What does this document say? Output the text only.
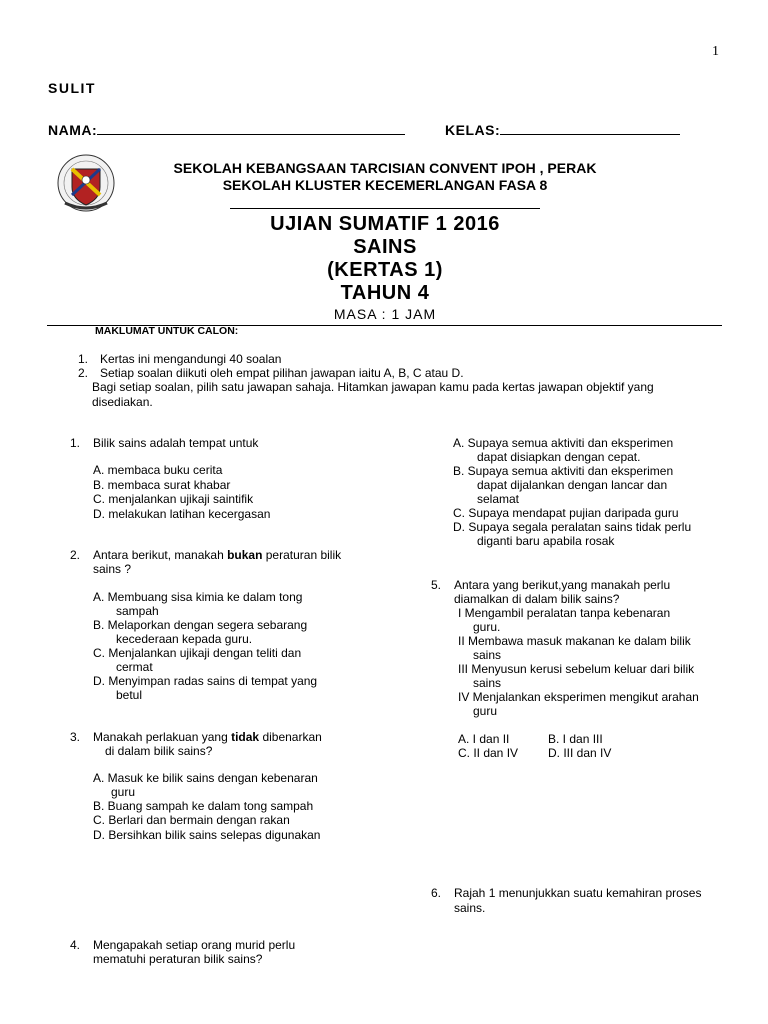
1
SULIT
NAMA:	KELAS:
SEKOLAH KEBANGSAAN TARCISIAN CONVENT IPOH , PERAK
SEKOLAH KLUSTER KECEMERLANGAN FASA 8
UJIAN SUMATIF 1 2016
SAINS
(KERTAS 1)
TAHUN 4
MASA : 1 JAM
MAKLUMAT UNTUK CALON:
1. Kertas ini mengandungi 40 soalan
2. Setiap soalan diikuti oleh empat pilihan jawapan iaitu A, B, C atau D.
Bagi setiap soalan, pilih satu jawapan sahaja. Hitamkan jawapan kamu pada kertas jawapan objektif yang
disediakan.
1. Bilik sains adalah tempat untuk
A. membaca buku cerita
B. membaca surat khabar
C. menjalankan ujikaji saintifik
D. melakukan latihan kecergasan
2. Antara berikut, manakah bukan peraturan bilik
sains ?
A. Membuang sisa kimia ke dalam tong
sampah
B. Melaporkan dengan segera sebarang
kecederaan kepada guru.
C. Menjalankan ujikaji dengan teliti dan
cermat
D. Menyimpan radas sains di tempat yang
betul
3. Manakah perlakuan yang tidak dibenarkan
di dalam bilik sains?
A. Masuk ke bilik sains dengan kebenaran
guru
B. Buang sampah ke dalam tong sampah
C. Berlari dan bermain dengan rakan
D. Bersihkan bilik sains selepas digunakan
4. Mengapakah setiap orang murid perlu
mematuhi peraturan bilik sains?
A. Supaya semua aktiviti dan eksperimen
dapat disiapkan dengan cepat.
B. Supaya semua aktiviti dan eksperimen
dapat dijalankan dengan lancar dan
selamat
C. Supaya mendapat pujian daripada guru
D. Supaya segala peralatan sains tidak perlu
diganti baru apabila rosak
5. Antara yang berikut,yang manakah perlu
diamalkan di dalam bilik sains?
I Mengambil peralatan tanpa kebenaran
guru.
II Membawa masuk makanan ke dalam bilik
sains
III Menyusun kerusi sebelum keluar dari bilik
sains
IV Menjalankan eksperimen mengikut arahan
guru
A. I dan II	B. I dan III
C. II dan IV D. III dan IV
6. Rajah 1 menunjukkan suatu kemahiran proses
sains.
